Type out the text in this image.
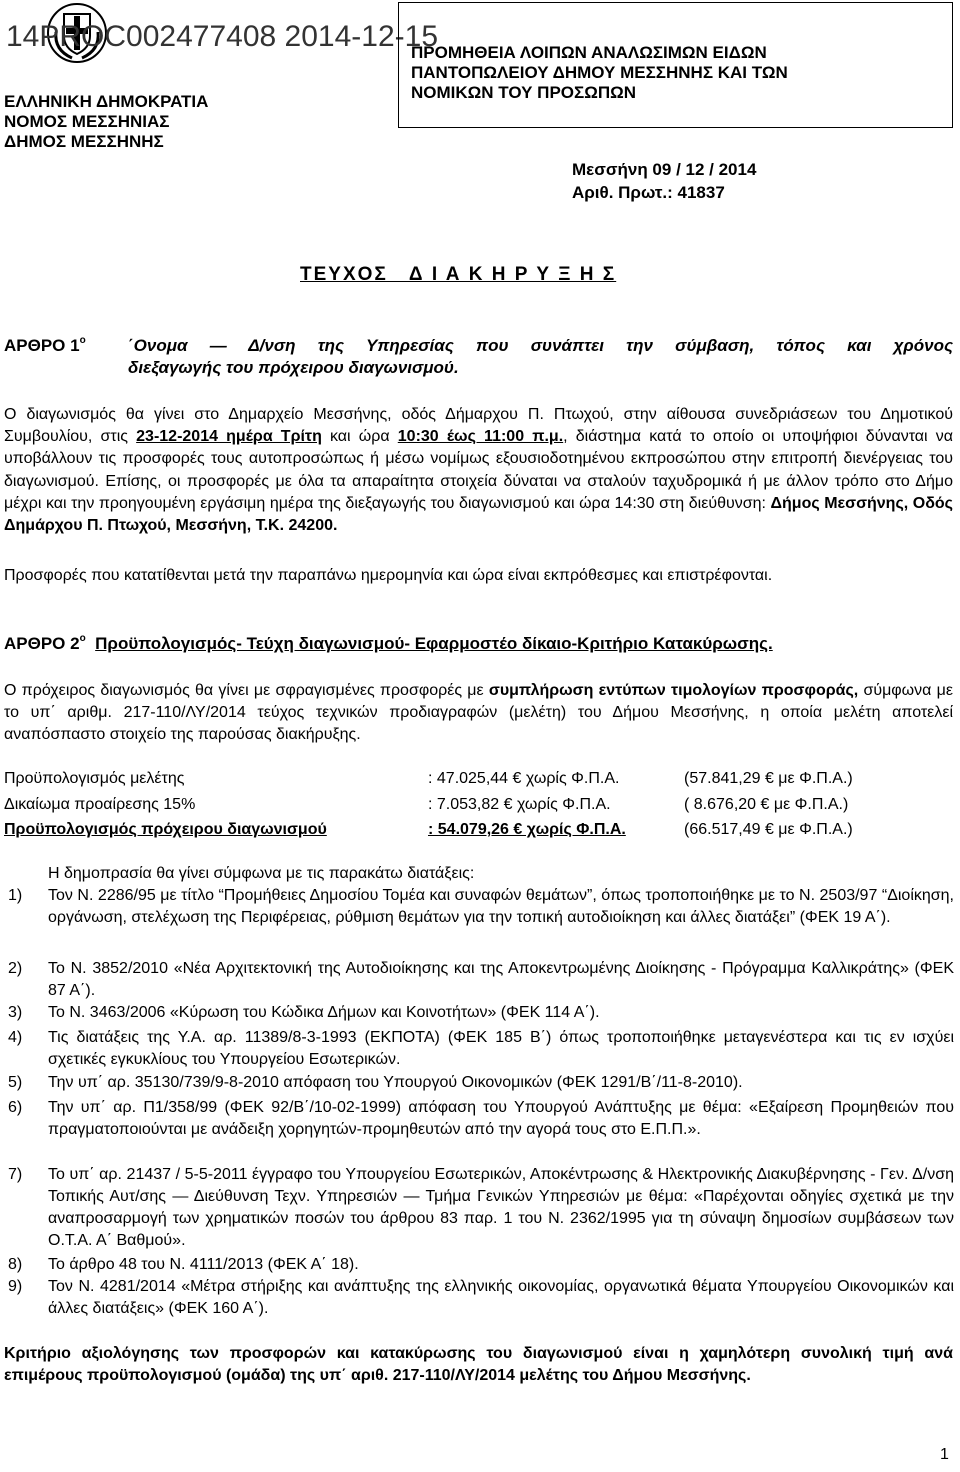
14PROC002477408 2014-12-15
ΕΛΛΗΝΙΚΗ ΔΗΜΟΚΡΑΤΙΑ
ΝΟΜΟΣ ΜΕΣΣΗΝΙΑΣ
ΔΗΜΟΣ ΜΕΣΣΗΝΗΣ
ΠΡΟΜΗΘΕΙΑ ΛΟΙΠΩΝ ΑΝΑΛΩΣΙΜΩΝ ΕΙΔΩΝ
ΠΑΝΤΟΠΩΛΕΙΟΥ ΔΗΜΟΥ ΜΕΣΣΗΝΗΣ ΚΑΙ ΤΩΝ
ΝΟΜΙΚΩΝ ΤΟΥ ΠΡΟΣΩΠΩΝ
Μεσσήνη 09 / 12 / 2014
Αριθ. Πρωτ.: 41837
ΤΕΥΧΟΣ   Δ Ι Α Κ Η Ρ Υ Ξ Η Σ
ΑΡΘΡΟ $1^o$ ΄Ονομα — Δ/νση της Υπηρεσίας που συνάπτει την σύμβαση, τόπος και χρόνος
διεξαγωγής του πρόχειρου διαγωνισμού.
Ο διαγωνισμός θα γίνει στο Δημαρχείο Μεσσήνης, οδός Δήμαρχου Π. Πτωχού, στην αίθουσα συνεδριάσεων του Δημοτικού Συμβουλίου, στις 23-12-2014 ημέρα Τρίτη και ώρα 10:30 έως 11:00 π.μ., διάστημα κατά το οποίο οι υποψήφιοι δύνανται να υποβάλλουν τις προσφορές τους αυτοπροσώπως ή μέσω νομίμως εξουσιοδοτημένου εκπροσώπου στην επιτροπή διενέργειας του διαγωνισμού. Επίσης, οι προσφορές με όλα τα απαραίτητα στοιχεία δύναται να σταλούν ταχυδρομικά ή με άλλον τρόπο στο Δήμο μέχρι και την προηγουμένη εργάσιμη ημέρα της διεξαγωγής του διαγωνισμού και ώρα 14:30 στη διεύθυνση: Δήμος Μεσσήνης, Οδός Δημάρχου Π. Πτωχού, Μεσσήνη, Τ.Κ. 24200.
Προσφορές που κατατίθενται μετά την παραπάνω ημερομηνία και ώρα είναι εκπρόθεσμες και επιστρέφονται.
ΑΡΘΡΟ $2^o$ Προϋπολογισμός- Τεύχη διαγωνισμού- Εφαρμοστέο δίκαιο-Κριτήριο Κατακύρωσης.
Ο πρόχειρος διαγωνισμός θα γίνει με σφραγισμένες προσφορές με συμπλήρωση εντύπων τιμολογίων προσφοράς, σύμφωνα με το υπ΄ αριθμ. 217-110/ΛΥ/2014 τεύχος τεχνικών προδιαγραφών (μελέτη) του Δήμου Μεσσήνης, η οποία μελέτη αποτελεί αναπόσπαστο στοιχείο της παρούσας διακήρυξης.
Προϋπολογισμός μελέτης	: 47.025,44 € χωρίς Φ.Π.Α.	(57.841,29 € με Φ.Π.Α.)
Δικαίωμα προαίρεσης 15%	: 7.053,82 € χωρίς Φ.Π.Α.	( 8.676,20 € με Φ.Π.Α.)
Προϋπολογισμός πρόχειρου διαγωνισμού	: 54.079,26 € χωρίς Φ.Π.Α.	(66.517,49 € με Φ.Π.Α.)
Η δημοπρασία θα γίνει σύμφωνα με τις παρακάτω διατάξεις:
1) Τον Ν. 2286/95 με τίτλο “Προμήθειες Δημοσίου Τομέα και συναφών θεμάτων”, όπως τροποποιήθηκε με το Ν. 2503/97 “Διοίκηση, οργάνωση, στελέχωση της Περιφέρειας, ρύθμιση θεμάτων για την τοπική αυτοδιοίκηση και άλλες διατάξει” (ΦΕΚ 19 Α΄).
2) Το Ν. 3852/2010 «Νέα Αρχιτεκτονική της Αυτοδιοίκησης και της Αποκεντρωμένης Διοίκησης - Πρόγραμμα Καλλικράτης» (ΦΕΚ 87 Α΄).
3) Το Ν. 3463/2006 «Κύρωση του Κώδικα Δήμων και Κοινοτήτων» (ΦΕΚ 114 Α΄).
4) Τις διατάξεις της Υ.Α. αρ. 11389/8-3-1993 (ΕΚΠΟΤΑ) (ΦΕΚ 185 Β΄) όπως τροποποιήθηκε μεταγενέστερα και τις εν ισχύει σχετικές εγκυκλίους του Υπουργείου Εσωτερικών.
5) Την υπ΄ αρ. 35130/739/9-8-2010 απόφαση του Υπουργού Οικονομικών (ΦΕΚ 1291/Β΄/11-8-2010).
6) Την υπ΄ αρ. Π1/358/99 (ΦΕΚ 92/Β΄/10-02-1999) απόφαση του Υπουργού Ανάπτυξης με θέμα: «Εξαίρεση Προμηθειών που πραγματοποιούνται με ανάδειξη χορηγητών-προμηθευτών από την αγορά τους στο Ε.Π.Π.».
7) Το υπ΄ αρ. 21437 / 5-5-2011 έγγραφο του Υπουργείου Εσωτερικών, Αποκέντρωσης & Ηλεκτρονικής Διακυβέρνησης - Γεν. Δ/νση Τοπικής Αυτ/σης — Διεύθυνση Τεχν. Υπηρεσιών — Τμήμα Γενικών Υπηρεσιών με θέμα: «Παρέχονται οδηγίες σχετικά με την αναπροσαρμογή των χρηματικών ποσών του άρθρου 83 παρ. 1 του Ν. 2362/1995 για τη σύναψη δημοσίων συμβάσεων των Ο.Τ.Α. Α΄ Βαθμού».
8) Το άρθρο 48 του Ν. 4111/2013 (ΦΕΚ Α΄ 18).
9) Τον Ν. 4281/2014 «Μέτρα στήριξης και ανάπτυξης της ελληνικής οικονομίας, οργανωτικά θέματα Υπουργείου Οικονομικών και άλλες διατάξεις» (ΦΕΚ 160 Α΄).
Κριτήριο αξιολόγησης των προσφορών και κατακύρωσης του διαγωνισμού είναι η χαμηλότερη συνολική τιμή ανά επιμέρους προϋπολογισμού (ομάδα) της υπ΄ αριθ. 217-110/ΛΥ/2014 μελέτης του Δήμου Μεσσήνης.
1
